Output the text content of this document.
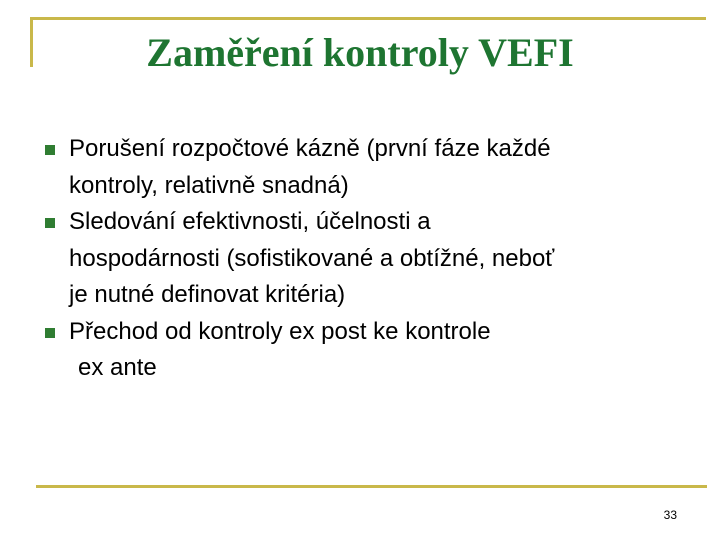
Zaměření kontroly VEFI
Porušení rozpočtové kázně (první fáze každé
kontroly, relativně snadná)
Sledování efektivnosti, účelnosti a
hospodárnosti (sofistikované a obtížné, neboť
je nutné definovat kritéria)
Přechod od kontroly ex post ke kontrole
ex ante
33
